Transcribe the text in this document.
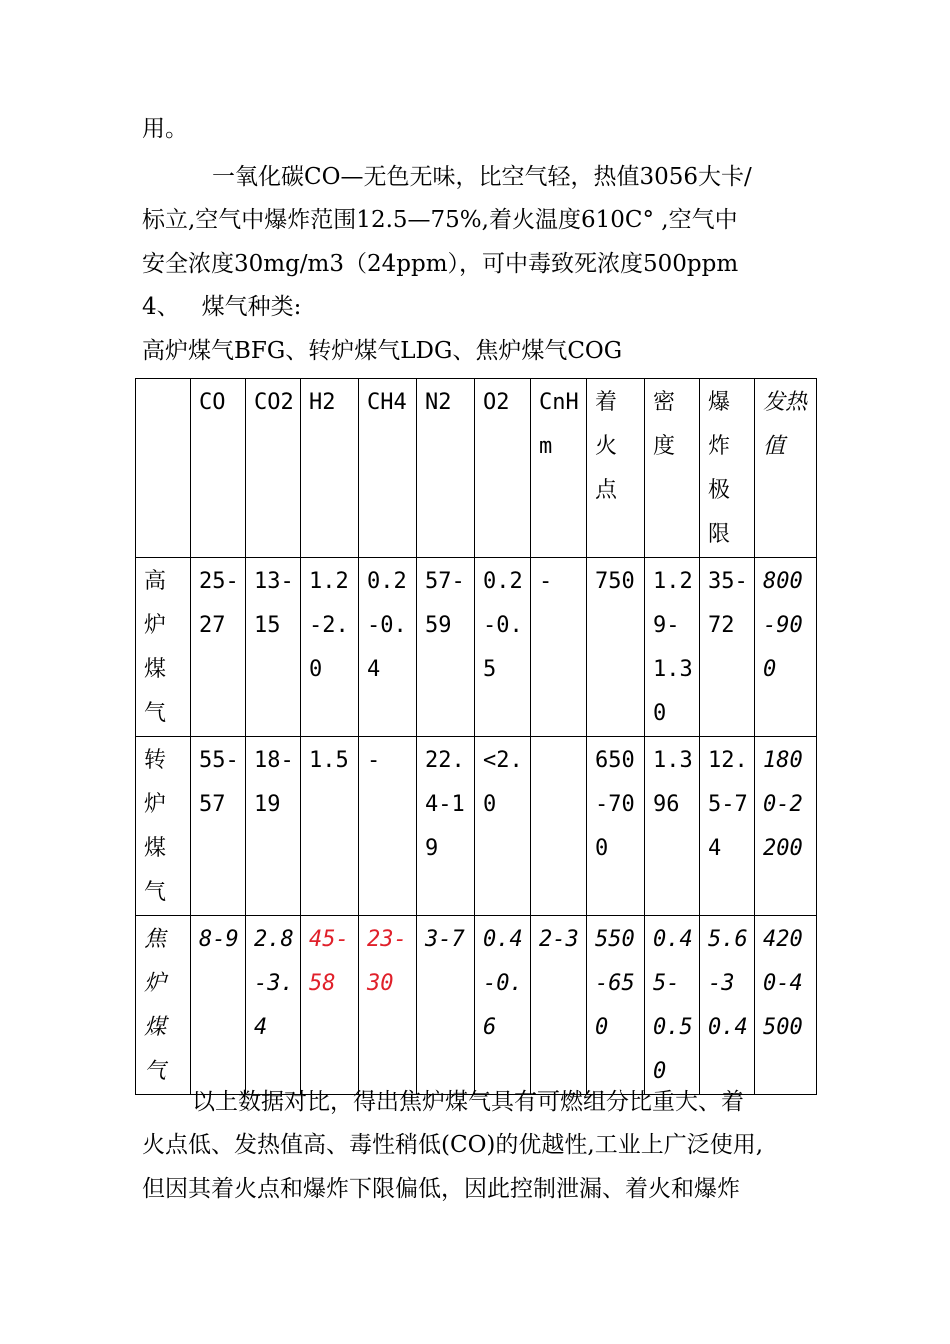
用。
一氧化碳CO—无色无味，比空气轻，热值3056大卡/
标立,空气中爆炸范围12.5—75%,着火温度610C° ,空气中
安全浓度30mg/m3（24ppm），可中毒致死浓度500ppm
4、   煤气种类:
高炉煤气BFG、转炉煤气LDG、焦炉煤气COG
	CO	CO2	H2	CH4	N2	O2	CnHm	着火点	密度	爆炸极限	发热值
高炉煤气	25-27	13-15	1.2-2.0	0.2-0.4	57-59	0.2-0.5	-	750	1.29-1.30	35-72	800-900
转炉煤气	55-57	18-19	1.5	-	22.4-19	<2.0		650-700	1.396	12.5-74	1800-2200
焦炉煤气	8-9	2.8-3.4	45-58	23-30	3-7	0.4-0.6	2-3	550-650	0.45-0.50	5.6-30.4	4200-4500
以上数据对比，得出焦炉煤气具有可燃组分比重大、着
火点低、发热值高、毒性稍低(CO)的优越性,工业上广泛使用,
但因其着火点和爆炸下限偏低，因此控制泄漏、着火和爆炸
